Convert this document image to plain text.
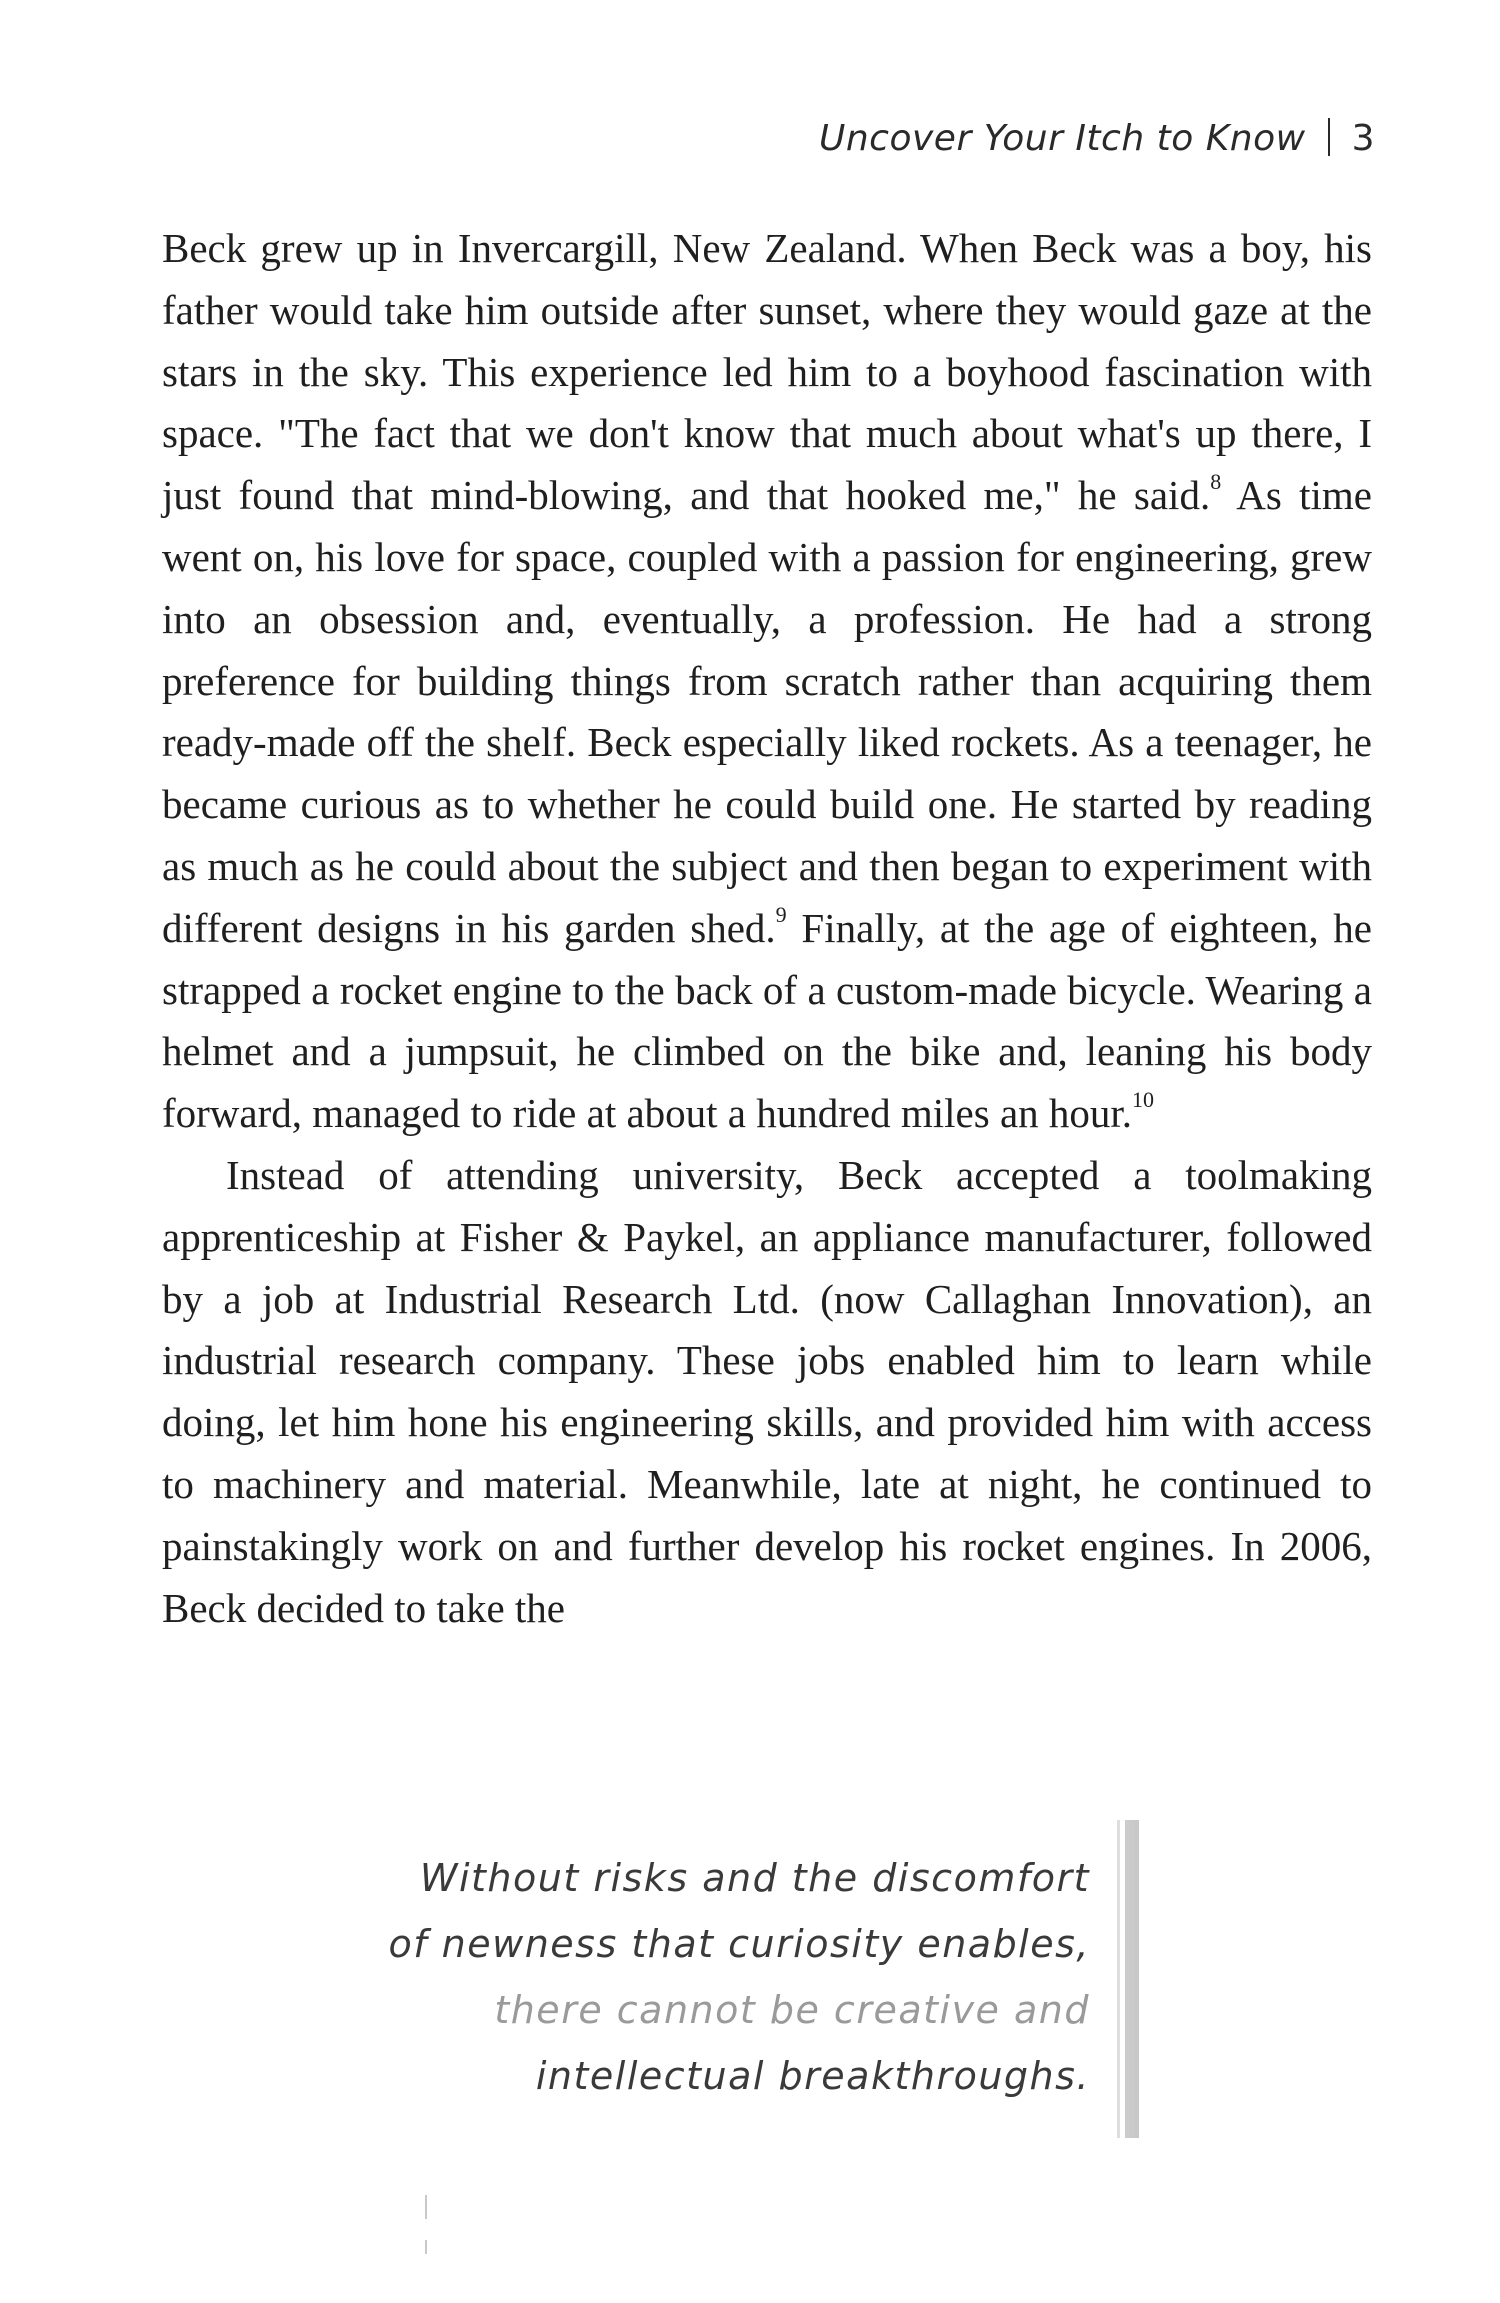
Uncover Your Itch to Know 3

Beck grew up in Invercargill, New Zealand. When Beck was a boy, his father would take him outside after sunset, where they would gaze at the stars in the sky. This experience led him to a boyhood fascination with space. "The fact that we don't know that much about what's up there, I just found that mind-blowing, and that hooked me," he said.$^8$ As time went on, his love for space, coupled with a passion for engineering, grew into an obsession and, eventually, a profession. He had a strong preference for building things from scratch rather than acquiring them ready-made off the shelf. Beck especially liked rockets. As a teenager, he became curious as to whether he could build one. He started by reading as much as he could about the subject and then began to experiment with different designs in his garden shed.$^9$ Finally, at the age of eighteen, he strapped a rocket engine to the back of a custom-made bicycle. Wearing a helmet and a jumpsuit, he climbed on the bike and, leaning his body forward, managed to ride at about a hundred miles an hour.$^{10}$

Instead of attending university, Beck accepted a toolmaking apprenticeship at Fisher & Paykel, an appliance manufacturer, followed by a job at Industrial Research Ltd. (now Callaghan Innovation), an industrial research company. These jobs enabled him to learn while doing, let him hone his engineering skills, and provided him with access to machinery and material. Meanwhile, late at night, he continued to painstakingly work on and further develop his rocket engines. In 2006, Beck decided to take the

Without risks and the discomfort
of newness that curiosity enables,
there cannot be creative and
intellectual breakthroughs.
